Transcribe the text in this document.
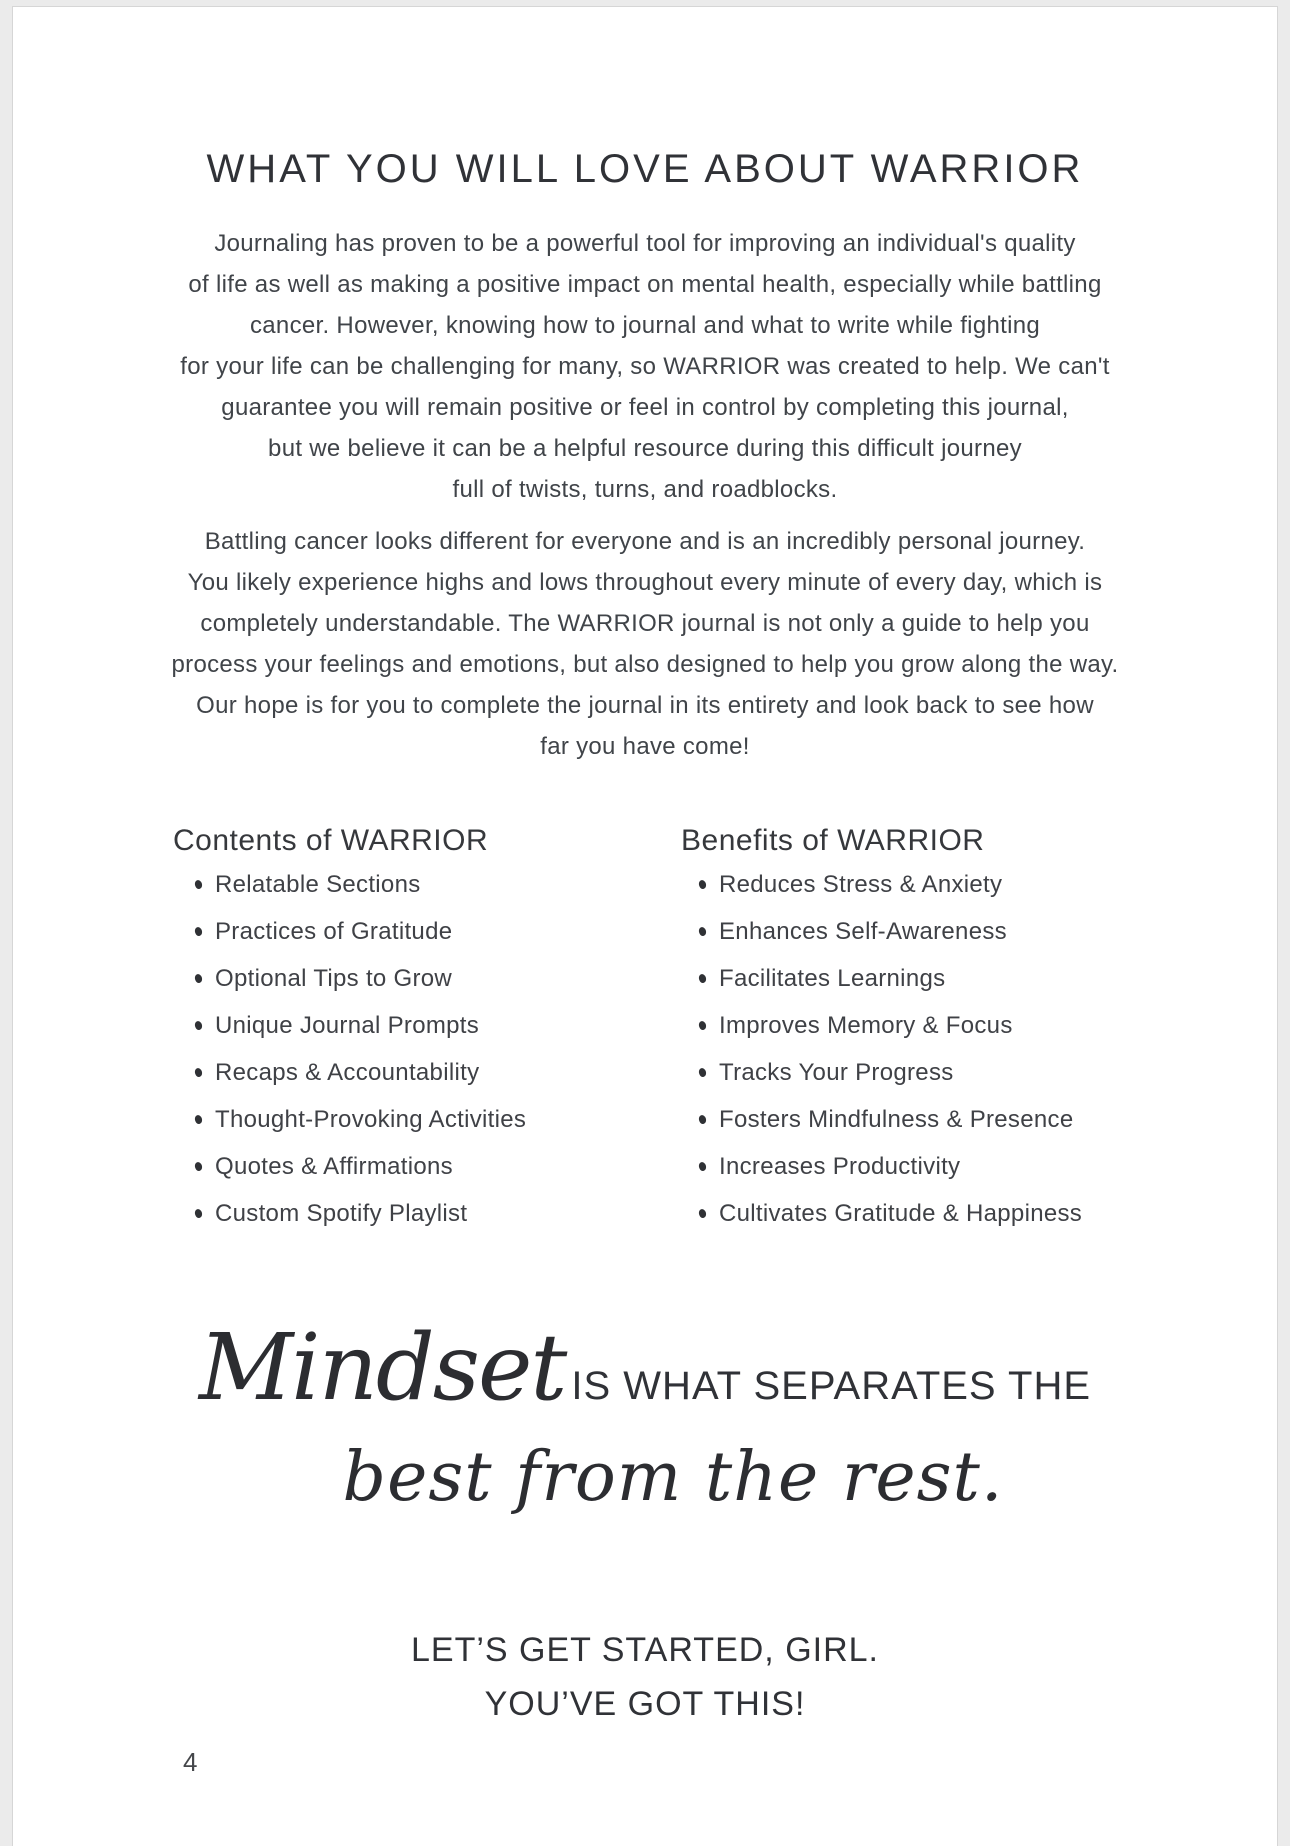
WHAT YOU WILL LOVE ABOUT WARRIOR
Journaling has proven to be a powerful tool for improving an individual's quality
of life as well as making a positive impact on mental health, especially while battling
cancer. However, knowing how to journal and what to write while fighting
for your life can be challenging for many, so WARRIOR was created to help. We can't
guarantee you will remain positive or feel in control by completing this journal,
but we believe it can be a helpful resource during this difficult journey
full of twists, turns, and roadblocks.
Battling cancer looks different for everyone and is an incredibly personal journey.
You likely experience highs and lows throughout every minute of every day, which is
completely understandable. The WARRIOR journal is not only a guide to help you
process your feelings and emotions, but also designed to help you grow along the way.
Our hope is for you to complete the journal in its entirety and look back to see how
far you have come!
Contents of WARRIOR	Benefits of WARRIOR
Relatable Sections
Practices of Gratitude
Optional Tips to Grow
Unique Journal Prompts
Recaps & Accountability
Thought-Provoking Activities
Quotes & Affirmations
Custom Spotify Playlist
Reduces Stress & Anxiety
Enhances Self-Awareness
Facilitates Learnings
Improves Memory & Focus
Tracks Your Progress
Fosters Mindfulness & Presence
Increases Productivity
Cultivates Gratitude & Happiness
Mindset IS WHAT SEPARATES THE
best from the rest.
LET’S GET STARTED, GIRL.
YOU’VE GOT THIS!
4
